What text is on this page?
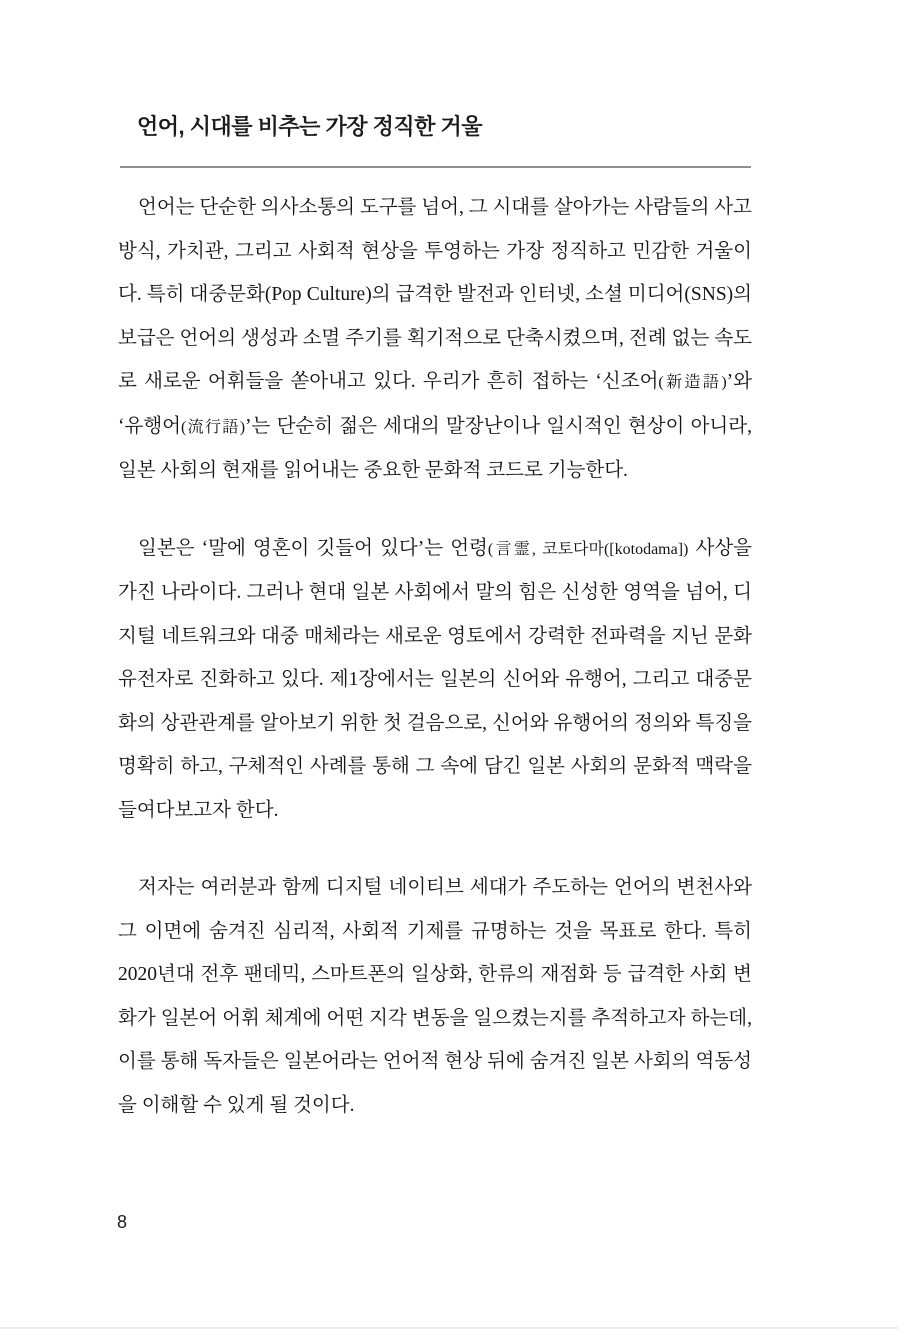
언어, 시대를 비추는 가장 정직한 거울

언어는 단순한 의사소통의 도구를 넘어, 그 시대를 살아가는 사람들의 사고방식, 가치관, 그리고 사회적 현상을 투영하는 가장 정직하고 민감한 거울이다. 특히 대중문화(Pop Culture)의 급격한 발전과 인터넷, 소셜 미디어(SNS)의 보급은 언어의 생성과 소멸 주기를 획기적으로 단축시켰으며, 전례 없는 속도로 새로운 어휘들을 쏟아내고 있다. 우리가 흔히 접하는 ‘신조어(新造語)’와 ‘유행어(流行語)’는 단순히 젊은 세대의 말장난이나 일시적인 현상이 아니라, 일본 사회의 현재를 읽어내는 중요한 문화적 코드로 기능한다.

일본은 ‘말에 영혼이 깃들어 있다’는 언령(言霊, 코토다마([kotodama]) 사상을 가진 나라이다. 그러나 현대 일본 사회에서 말의 힘은 신성한 영역을 넘어, 디지털 네트워크와 대중 매체라는 새로운 영토에서 강력한 전파력을 지닌 문화 유전자로 진화하고 있다. 제1장에서는 일본의 신어와 유행어, 그리고 대중문화의 상관관계를 알아보기 위한 첫 걸음으로, 신어와 유행어의 정의와 특징을 명확히 하고, 구체적인 사례를 통해 그 속에 담긴 일본 사회의 문화적 맥락을 들여다보고자 한다.

저자는 여러분과 함께 디지털 네이티브 세대가 주도하는 언어의 변천사와 그 이면에 숨겨진 심리적, 사회적 기제를 규명하는 것을 목표로 한다. 특히 2020년대 전후 팬데믹, 스마트폰의 일상화, 한류의 재점화 등 급격한 사회 변화가 일본어 어휘 체계에 어떤 지각 변동을 일으켰는지를 추적하고자 하는데, 이를 통해 독자들은 일본어라는 언어적 현상 뒤에 숨겨진 일본 사회의 역동성을 이해할 수 있게 될 것이다.

8
